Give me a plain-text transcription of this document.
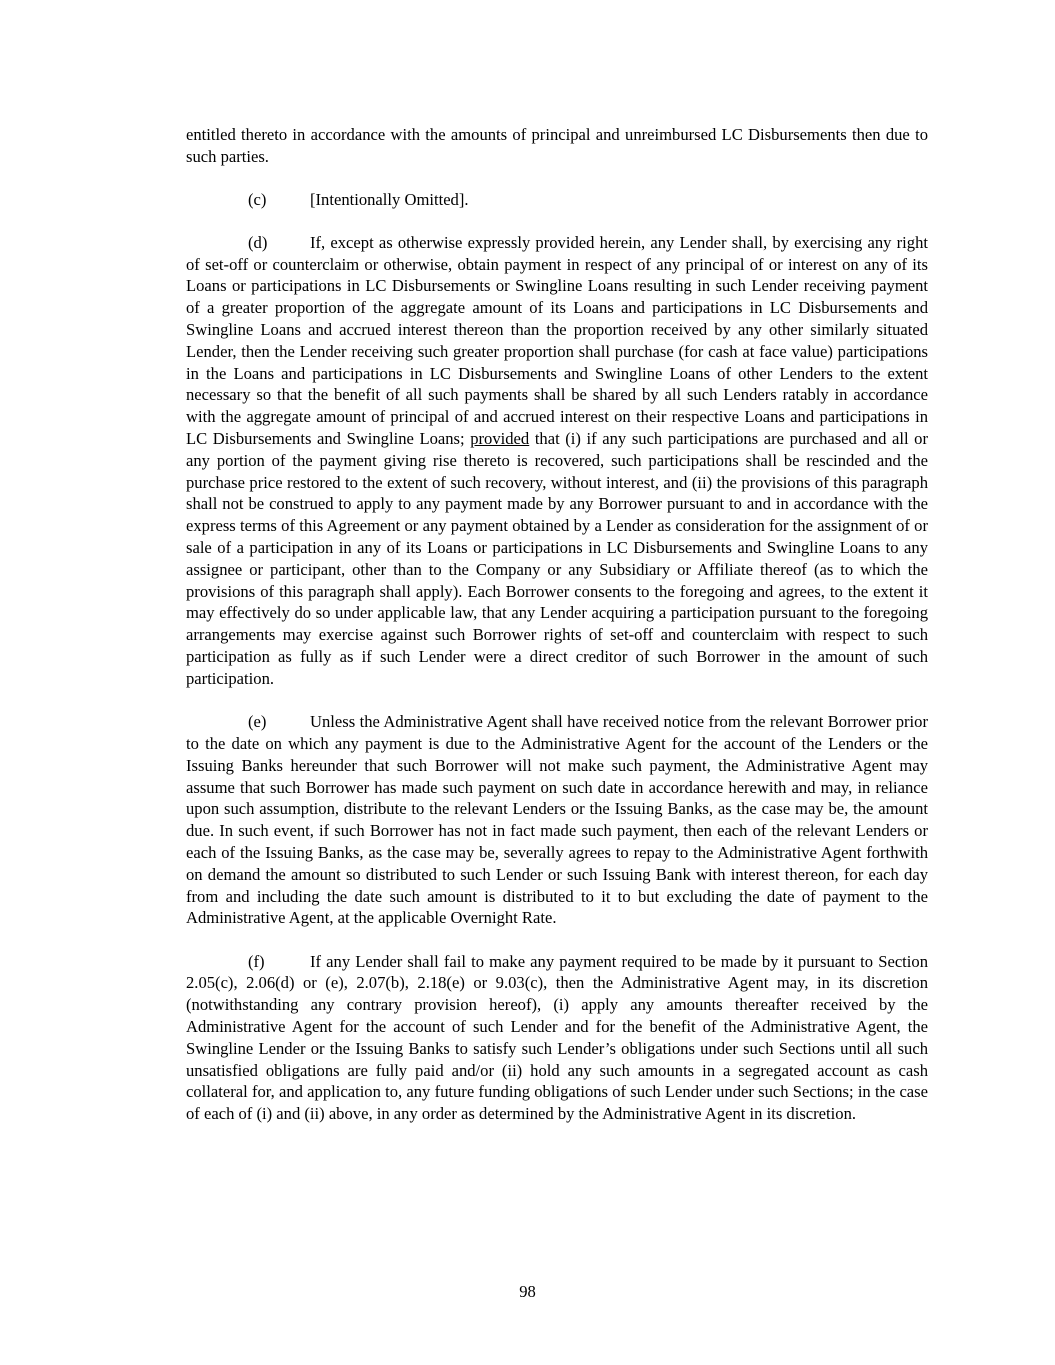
entitled thereto in accordance with the amounts of principal and unreimbursed LC Disbursements then due to such parties.

(c)	[Intentionally Omitted].

(d)	If, except as otherwise expressly provided herein, any Lender shall, by exercising any right of set-off or counterclaim or otherwise, obtain payment in respect of any principal of or interest on any of its Loans or participations in LC Disbursements or Swingline Loans resulting in such Lender receiving payment of a greater proportion of the aggregate amount of its Loans and participations in LC Disbursements and Swingline Loans and accrued interest thereon than the proportion received by any other similarly situated Lender, then the Lender receiving such greater proportion shall purchase (for cash at face value) participations in the Loans and participations in LC Disbursements and Swingline Loans of other Lenders to the extent necessary so that the benefit of all such payments shall be shared by all such Lenders ratably in accordance with the aggregate amount of principal of and accrued interest on their respective Loans and participations in LC Disbursements and Swingline Loans; provided that (i) if any such participations are purchased and all or any portion of the payment giving rise thereto is recovered, such participations shall be rescinded and the purchase price restored to the extent of such recovery, without interest, and (ii) the provisions of this paragraph shall not be construed to apply to any payment made by any Borrower pursuant to and in accordance with the express terms of this Agreement or any payment obtained by a Lender as consideration for the assignment of or sale of a participation in any of its Loans or participations in LC Disbursements and Swingline Loans to any assignee or participant, other than to the Company or any Subsidiary or Affiliate thereof (as to which the provisions of this paragraph shall apply). Each Borrower consents to the foregoing and agrees, to the extent it may effectively do so under applicable law, that any Lender acquiring a participation pursuant to the foregoing arrangements may exercise against such Borrower rights of set-off and counterclaim with respect to such participation as fully as if such Lender were a direct creditor of such Borrower in the amount of such participation.

(e)	Unless the Administrative Agent shall have received notice from the relevant Borrower prior to the date on which any payment is due to the Administrative Agent for the account of the Lenders or the Issuing Banks hereunder that such Borrower will not make such payment, the Administrative Agent may assume that such Borrower has made such payment on such date in accordance herewith and may, in reliance upon such assumption, distribute to the relevant Lenders or the Issuing Banks, as the case may be, the amount due. In such event, if such Borrower has not in fact made such payment, then each of the relevant Lenders or each of the Issuing Banks, as the case may be, severally agrees to repay to the Administrative Agent forthwith on demand the amount so distributed to such Lender or such Issuing Bank with interest thereon, for each day from and including the date such amount is distributed to it to but excluding the date of payment to the Administrative Agent, at the applicable Overnight Rate.

(f)	If any Lender shall fail to make any payment required to be made by it pursuant to Section 2.05(c), 2.06(d) or (e), 2.07(b), 2.18(e) or 9.03(c), then the Administrative Agent may, in its discretion (notwithstanding any contrary provision hereof), (i) apply any amounts thereafter received by the Administrative Agent for the account of such Lender and for the benefit of the Administrative Agent, the Swingline Lender or the Issuing Banks to satisfy such Lender’s obligations under such Sections until all such unsatisfied obligations are fully paid and/or (ii) hold any such amounts in a segregated account as cash collateral for, and application to, any future funding obligations of such Lender under such Sections; in the case of each of (i) and (ii) above, in any order as determined by the Administrative Agent in its discretion.

98
